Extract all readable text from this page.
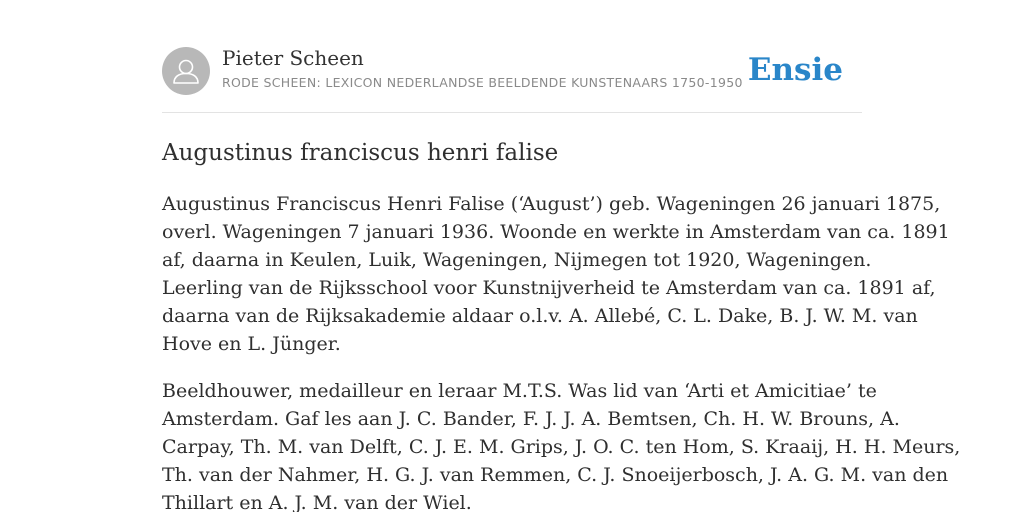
Pieter Scheen
RODE SCHEEN: LEXICON NEDERLANDSE BEELDENDE KUNSTENAARS 1750-1950 Ensie
Augustinus franciscus henri falise

Augustinus Franciscus Henri Falise (‘August’) geb. Wageningen 26 januari 1875,
overl. Wageningen 7 januari 1936. Woonde en werkte in Amsterdam van ca. 1891
af, daarna in Keulen, Luik, Wageningen, Nijmegen tot 1920, Wageningen.
Leerling van de Rijksschool voor Kunstnijverheid te Amsterdam van ca. 1891 af,
daarna van de Rijksakademie aldaar o.l.v. A. Allebé, C. L. Dake, B. J. W. M. van
Hove en L. Jünger.

Beeldhouwer, medailleur en leraar M.T.S. Was lid van ‘Arti et Amicitiae’ te
Amsterdam. Gaf les aan J. C. Bander, F. J. J. A. Bemtsen, Ch. H. W. Brouns, A.
Carpay, Th. M. van Delft, C. J. E. M. Grips, J. O. C. ten Hom, S. Kraaij, H. H. Meurs,
Th. van der Nahmer, H. G. J. van Remmen, C. J. Snoeijerbosch, J. A. G. M. van den
Thillart en A. J. M. van der Wiel.
